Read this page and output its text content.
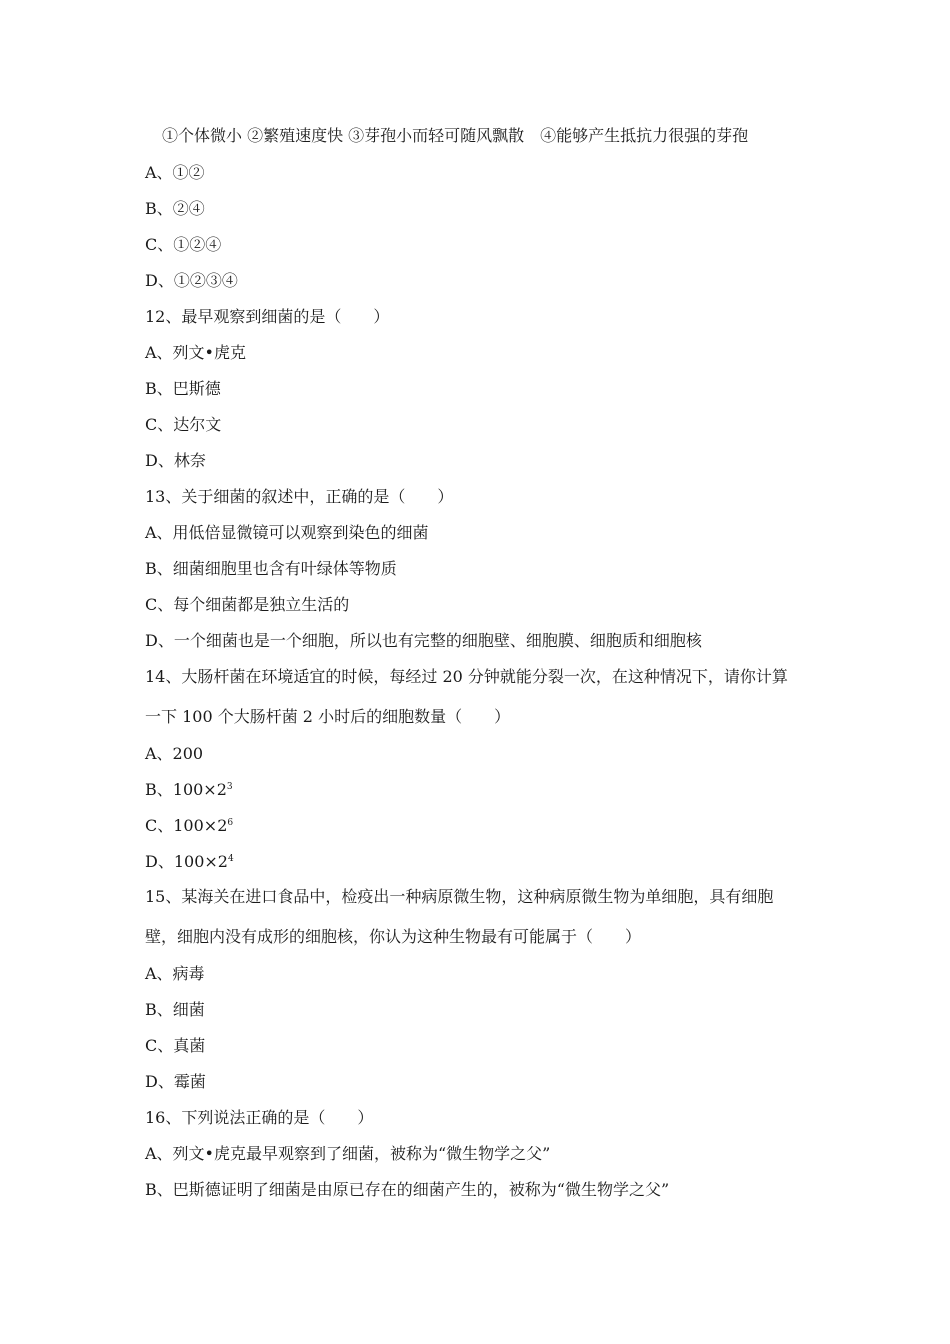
①个体微小 ②繁殖速度快 ③芽孢小而轻可随风飘散　④能够产生抵抗力很强的芽孢
A、①②
B、②④
C、①②④
D、①②③④
12、最早观察到细菌的是（　　）
A、列文•虎克
B、巴斯德
C、达尔文
D、林奈
13、关于细菌的叙述中，正确的是（　　）
A、用低倍显微镜可以观察到染色的细菌
B、细菌细胞里也含有叶绿体等物质
C、每个细菌都是独立生活的
D、一个细菌也是一个细胞，所以也有完整的细胞壁、细胞膜、细胞质和细胞核
14、大肠杆菌在环境适宜的时候，每经过 20 分钟就能分裂一次，在这种情况下，请你计算
一下 100 个大肠杆菌 2 小时后的细胞数量（　　）
A、200
B、$100\times 2^3$
C、$100\times 2^6$
D、$100\times 2^4$
15、某海关在进口食品中，检疫出一种病原微生物，这种病原微生物为单细胞，具有细胞
壁，细胞内没有成形的细胞核，你认为这种生物最有可能属于（　　）
A、病毒
B、细菌
C、真菌
D、霉菌
16、下列说法正确的是（　　）
A、列文•虎克最早观察到了细菌，被称为“微生物学之父”
B、巴斯德证明了细菌是由原已存在的细菌产生的，被称为“微生物学之父”
